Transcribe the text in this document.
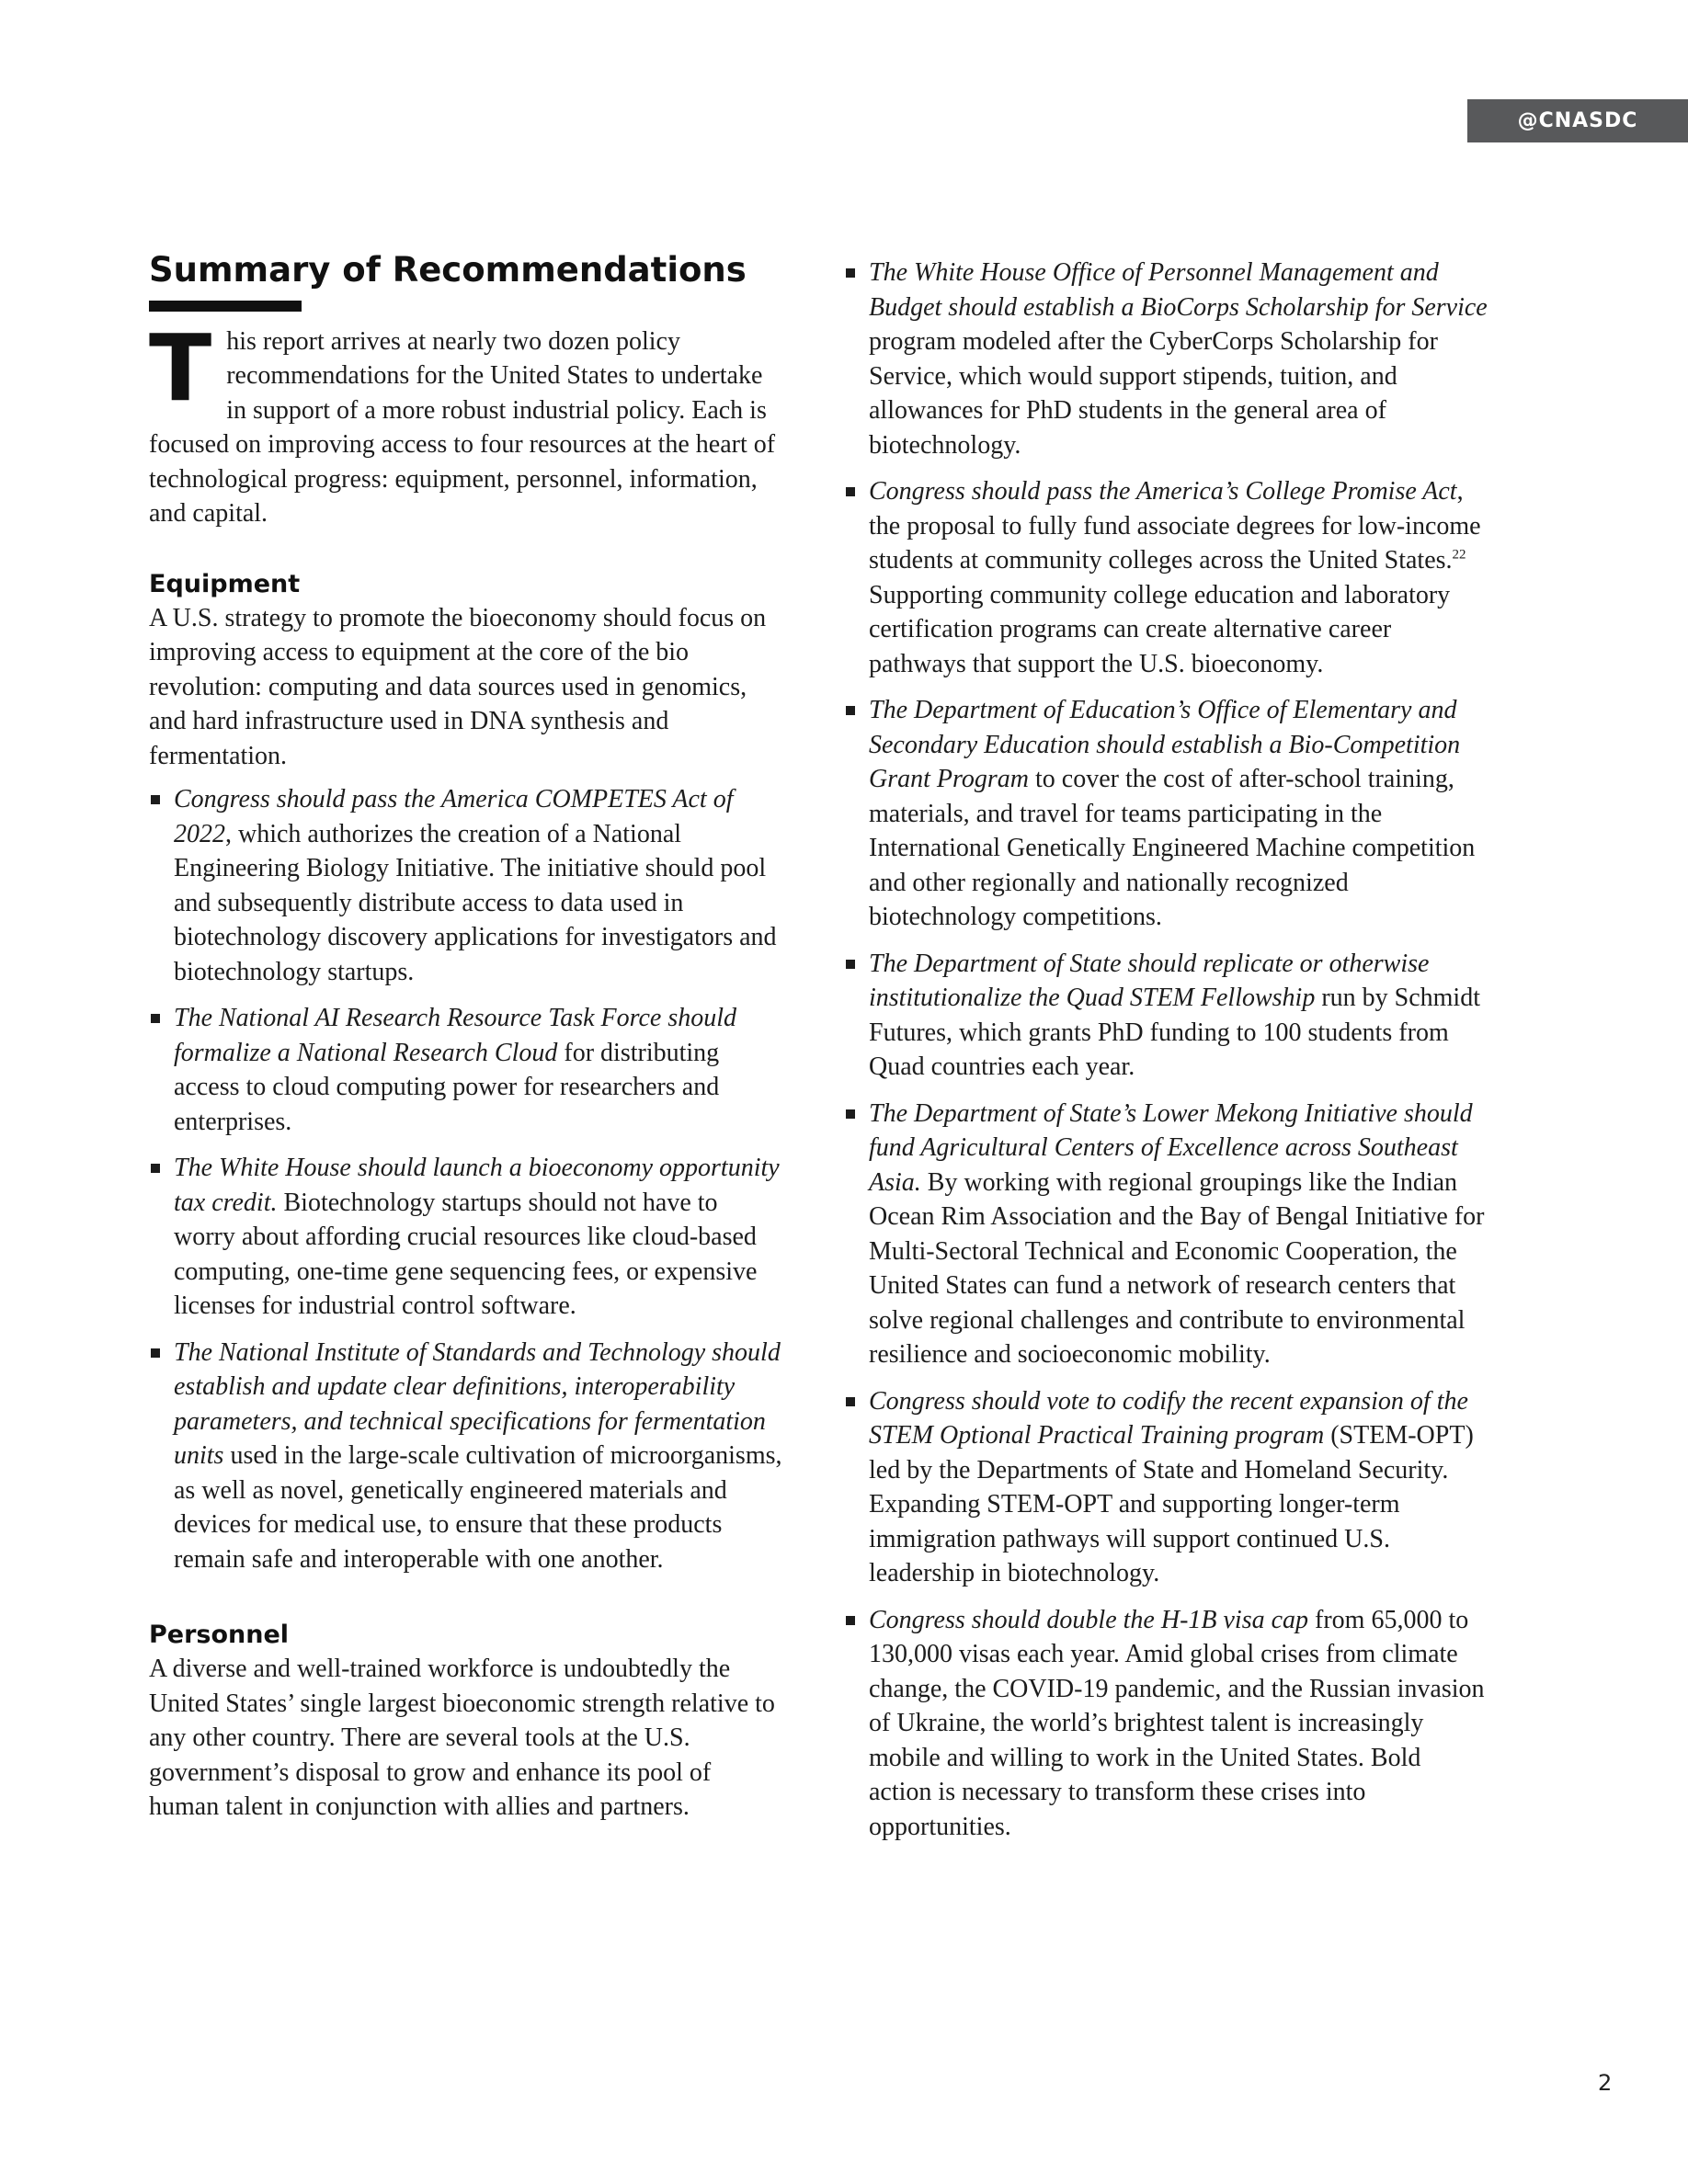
@CNASDC
Summary of Recommendations

This report arrives at nearly two dozen policy recommendations for the United States to undertake in support of a more robust industrial policy. Each is focused on improving access to four resources at the heart of technological progress: equipment, personnel, information, and capital.

Equipment

A U.S. strategy to promote the bioeconomy should focus on improving access to equipment at the core of the bio revolution: computing and data sources used in genomics, and hard infrastructure used in DNA synthesis and fermentation.

Congress should pass the America COMPETES Act of 2022, which authorizes the creation of a National Engineering Biology Initiative. The initiative should pool and subsequently distribute access to data used in biotechnology discovery applications for investigators and biotechnology startups.
The National AI Research Resource Task Force should formalize a National Research Cloud for distributing access to cloud computing power for researchers and enterprises.
The White House should launch a bioeconomy opportunity tax credit. Biotechnology startups should not have to worry about affording crucial resources like cloud-based computing, one-time gene sequencing fees, or expensive licenses for industrial control software.
The National Institute of Standards and Technology should establish and update clear definitions, interoperability parameters, and technical specifications for fermentation units used in the large-scale cultivation of microorganisms, as well as novel, genetically engineered materials and devices for medical use, to ensure that these products remain safe and interoperable with one another.
Personnel

A diverse and well-trained workforce is undoubtedly the United States’ single largest bioeconomic strength relative to any other country. There are several tools at the U.S. government’s disposal to grow and enhance its pool of human talent in conjunction with allies and partners.

The White House Office of Personnel Management and Budget should establish a BioCorps Scholarship for Service program modeled after the CyberCorps Scholarship for Service, which would support stipends, tuition, and allowances for PhD students in the general area of biotechnology.
Congress should pass the America’s College Promise Act, the proposal to fully fund associate degrees for low-income students at community colleges across the United States.$^{22}$ Supporting community college education and laboratory certification programs can create alternative career pathways that support the U.S. bioeconomy.
The Department of Education’s Office of Elementary and Secondary Education should establish a Bio-Competition Grant Program to cover the cost of after-school training, materials, and travel for teams participating in the International Genetically Engineered Machine competition and other regionally and nationally recognized biotechnology competitions.
The Department of State should replicate or otherwise institutionalize the Quad STEM Fellowship run by Schmidt Futures, which grants PhD funding to 100 students from Quad countries each year.
The Department of State’s Lower Mekong Initiative should fund Agricultural Centers of Excellence across Southeast Asia. By working with regional groupings like the Indian Ocean Rim Association and the Bay of Bengal Initiative for Multi-Sectoral Technical and Economic Cooperation, the United States can fund a network of research centers that solve regional challenges and contribute to environmental resilience and socioeconomic mobility.
Congress should vote to codify the recent expansion of the STEM Optional Practical Training program (STEM-OPT) led by the Departments of State and Homeland Security. Expanding STEM-OPT and supporting longer-term immigration pathways will support continued U.S. leadership in biotechnology.
Congress should double the H-1B visa cap from 65,000 to 130,000 visas each year. Amid global crises from climate change, the COVID-19 pandemic, and the Russian invasion of Ukraine, the world’s brightest talent is increasingly mobile and willing to work in the United States. Bold action is necessary to transform these crises into opportunities.
2
